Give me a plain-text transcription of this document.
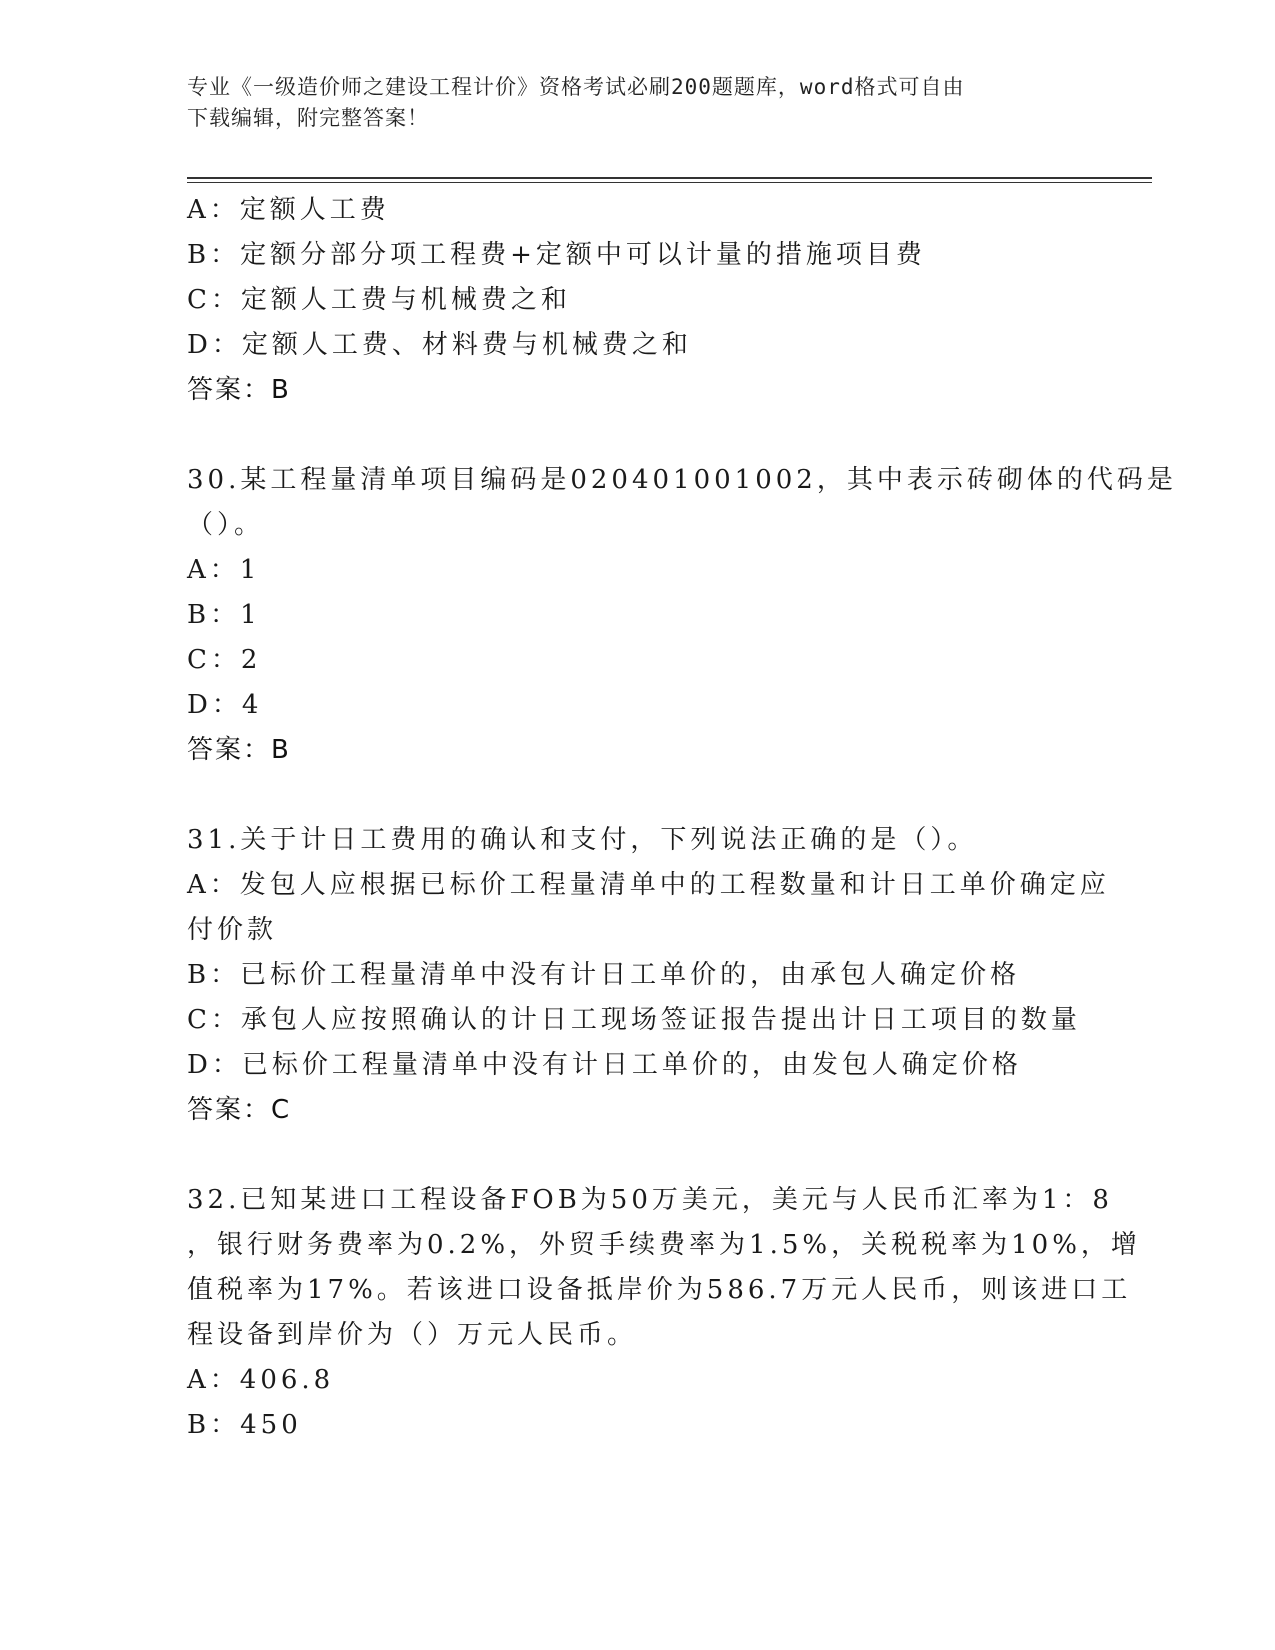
专业《一级造价师之建设工程计价》资格考试必刷200题题库，word格式可自由
下载编辑，附完整答案！
A：定额人工费
B：定额分部分项工程费+定额中可以计量的措施项目费
C：定额人工费与机械费之和
D：定额人工费、材料费与机械费之和
答案：B
30.某工程量清单项目编码是020401001002，其中表示砖砌体的代码是
（）。
A：1
B：1
C：2
D：4
答案：B
31.关于计日工费用的确认和支付，下列说法正确的是（）。
A：发包人应根据已标价工程量清单中的工程数量和计日工单价确定应
付价款
B：已标价工程量清单中没有计日工单价的，由承包人确定价格
C：承包人应按照确认的计日工现场签证报告提出计日工项目的数量
D：已标价工程量清单中没有计日工单价的，由发包人确定价格
答案：C
32.已知某进口工程设备FOB为50万美元，美元与人民币汇率为1：8
，银行财务费率为0.2%，外贸手续费率为1.5%，关税税率为10%，增
值税率为17%。若该进口设备抵岸价为586.7万元人民币，则该进口工
程设备到岸价为（）万元人民币。
A：406.8
B：450
